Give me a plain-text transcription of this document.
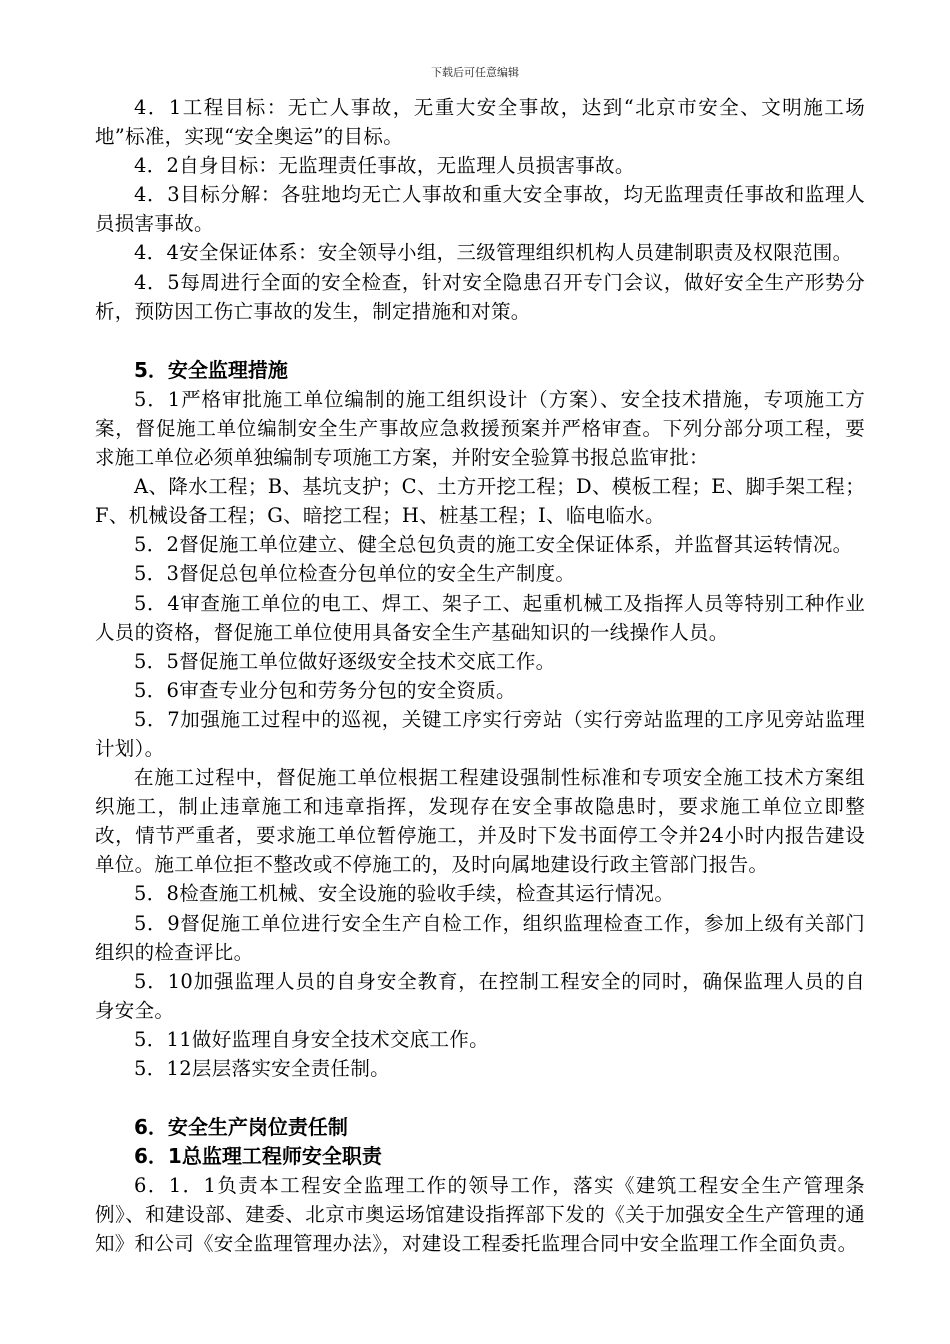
下载后可任意编辑

4．1工程目标：无亡人事故，无重大安全事故，达到“北京市安全、文明施工场地”标准，实现“安全奥运”的目标。

4．2自身目标：无监理责任事故，无监理人员损害事故。

4．3目标分解：各驻地均无亡人事故和重大安全事故，均无监理责任事故和监理人员损害事故。

4．4安全保证体系：安全领导小组，三级管理组织机构人员建制职责及权限范围。

4．5每周进行全面的安全检查，针对安全隐患召开专门会议，做好安全生产形势分析，预防因工伤亡事故的发生，制定措施和对策。

5．安全监理措施

5．1严格审批施工单位编制的施工组织设计（方案）、安全技术措施，专项施工方案，督促施工单位编制安全生产事故应急救援预案并严格审查。下列分部分项工程，要求施工单位必须单独编制专项施工方案，并附安全验算书报总监审批：

A、降水工程；B、基坑支护；C、土方开挖工程；D、模板工程；E、脚手架工程；F、机械设备工程；G、暗挖工程；H、桩基工程；I、临电临水。

5．2督促施工单位建立、健全总包负责的施工安全保证体系，并监督其运转情况。

5．3督促总包单位检查分包单位的安全生产制度。

5．4审查施工单位的电工、焊工、架子工、起重机械工及指挥人员等特别工种作业人员的资格，督促施工单位使用具备安全生产基础知识的一线操作人员。

5．5督促施工单位做好逐级安全技术交底工作。

5．6审查专业分包和劳务分包的安全资质。

5．7加强施工过程中的巡视，关键工序实行旁站（实行旁站监理的工序见旁站监理计划）。

在施工过程中，督促施工单位根据工程建设强制性标准和专项安全施工技术方案组织施工，制止违章施工和违章指挥，发现存在安全事故隐患时，要求施工单位立即整改，情节严重者，要求施工单位暂停施工，并及时下发书面停工令并24小时内报告建设单位。施工单位拒不整改或不停施工的，及时向属地建设行政主管部门报告。

5．8检查施工机械、安全设施的验收手续，检查其运行情况。

5．9督促施工单位进行安全生产自检工作，组织监理检查工作，参加上级有关部门组织的检查评比。

5．10加强监理人员的自身安全教育，在控制工程安全的同时，确保监理人员的自身安全。

5．11做好监理自身安全技术交底工作。

5．12层层落实安全责任制。

6．安全生产岗位责任制

6．1总监理工程师安全职责

6．1．1负责本工程安全监理工作的领导工作，落实《建筑工程安全生产管理条例》、和建设部、建委、北京市奥运场馆建设指挥部下发的《关于加强安全生产管理的通知》和公司《安全监理管理办法》，对建设工程委托监理合同中安全监理工作全面负责。
